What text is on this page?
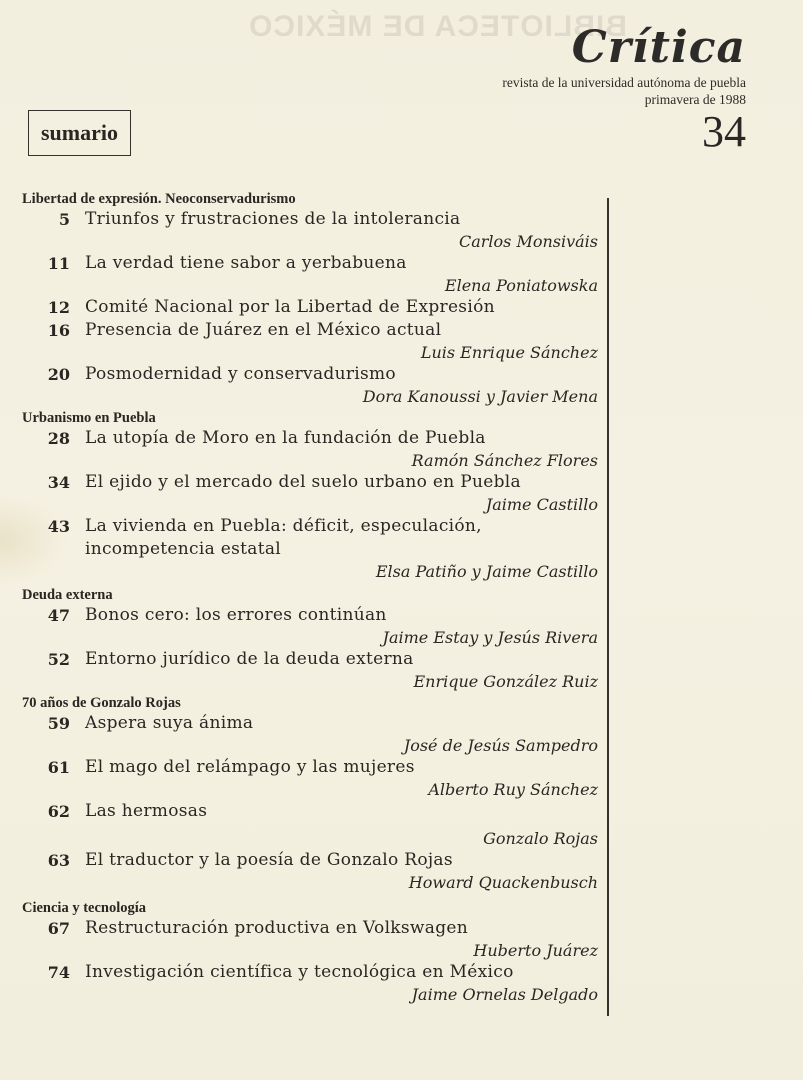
BIBLIOTECA DE MÉXICO
Crítica
revista de la universidad autónoma de puebla
primavera de 1988
34
sumario
Libertad de expresión. Neoconservadurismo
5 Triunfos y frustraciones de la intolerancia
Carlos Monsiváis
11 La verdad tiene sabor a yerbabuena
Elena Poniatowska
12 Comité Nacional por la Libertad de Expresión
16 Presencia de Juárez en el México actual
Luis Enrique Sánchez
20 Posmodernidad y conservadurismo
Dora Kanoussi y Javier Mena
Urbanismo en Puebla
28 La utopía de Moro en la fundación de Puebla
Ramón Sánchez Flores
34 El ejido y el mercado del suelo urbano en Puebla
Jaime Castillo
43 La vivienda en Puebla: déficit, especulación, incompetencia estatal
Elsa Patiño y Jaime Castillo
Deuda externa
47 Bonos cero: los errores continúan
Jaime Estay y Jesús Rivera
52 Entorno jurídico de la deuda externa
Enrique González Ruiz
70 años de Gonzalo Rojas
59 Aspera suya ánima
José de Jesús Sampedro
61 El mago del relámpago y las mujeres
Alberto Ruy Sánchez
62 Las hermosas
Gonzalo Rojas
63 El traductor y la poesía de Gonzalo Rojas
Howard Quackenbusch
Ciencia y tecnología
67 Restructuración productiva en Volkswagen
Huberto Juárez
74 Investigación científica y tecnológica en México
Jaime Ornelas Delgado
